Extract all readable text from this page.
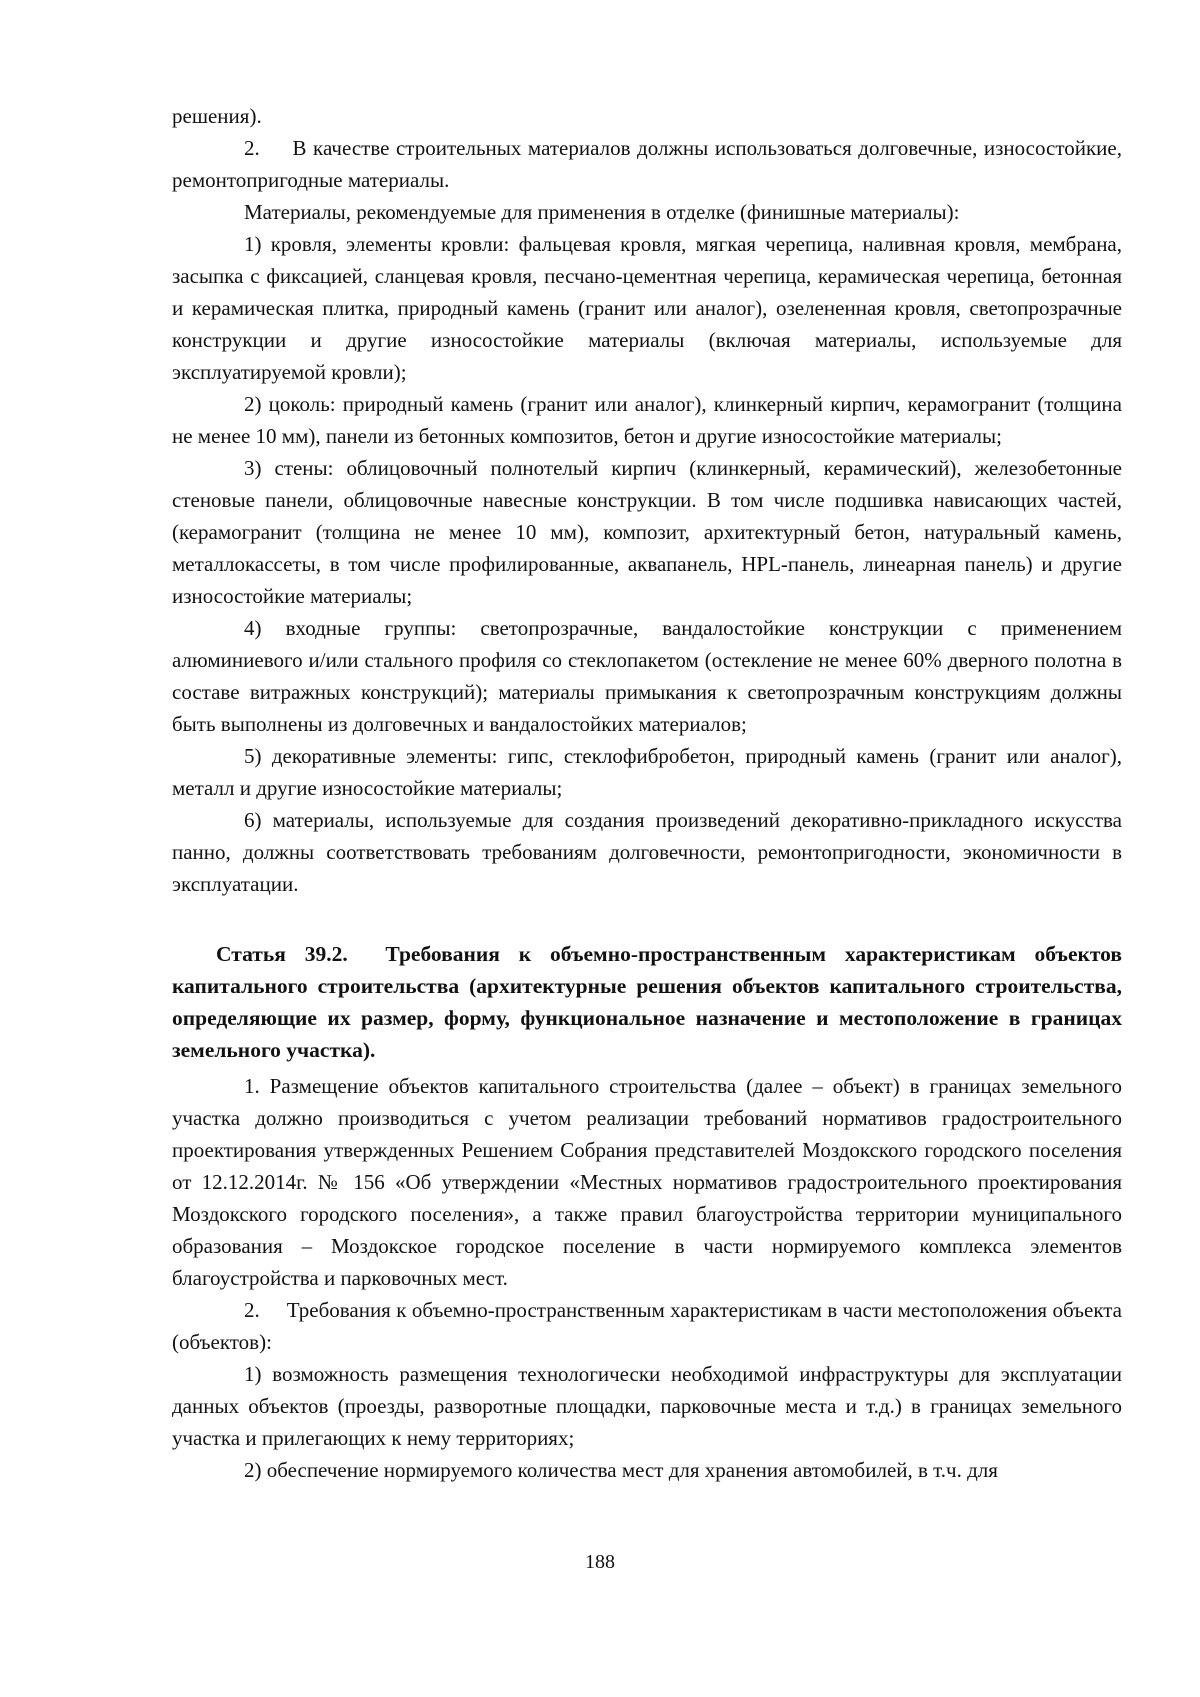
решения).

2.     В качестве строительных материалов должны использоваться долговечные, износостойкие, ремонтопригодные материалы.

Материалы, рекомендуемые для применения в отделке (финишные материалы):

1) кровля, элементы кровли: фальцевая кровля, мягкая черепица, наливная кровля, мембрана, засыпка с фиксацией, сланцевая кровля, песчано-цементная черепица, керамическая черепица, бетонная и керамическая плитка, природный камень (гранит или аналог), озелененная кровля, светопрозрачные конструкции и другие износостойкие материалы (включая материалы, используемые для эксплуатируемой кровли);

2) цоколь: природный камень (гранит или аналог), клинкерный кирпич, керамогранит (толщина не менее 10 мм), панели из бетонных композитов, бетон и другие износостойкие материалы;

3) стены: облицовочный полнотелый кирпич (клинкерный, керамический), железобетонные стеновые панели, облицовочные навесные конструкции. В том числе подшивка нависающих частей, (керамогранит (толщина не менее 10 мм), композит, архитектурный бетон, натуральный камень, металлокассеты, в том числе профилированные, аквапанель, HPL-панель, линеарная панель) и другие износостойкие материалы;

4) входные группы: светопрозрачные, вандалостойкие конструкции с применением алюминиевого и/или стального профиля со стеклопакетом (остекление не менее 60% дверного полотна в составе витражных конструкций); материалы примыкания к светопрозрачным конструкциям должны быть выполнены из долговечных и вандалостойких материалов;

5) декоративные элементы: гипс, стеклофибробетон, природный камень (гранит или аналог), металл и другие износостойкие материалы;

6) материалы, используемые для создания произведений декоративно-прикладного искусства панно, должны соответствовать требованиям долговечности, ремонтопригодности, экономичности в эксплуатации.

Статья 39.2.  Требования к объемно-пространственным характеристикам объектов капитального строительства (архитектурные решения объектов капитального строительства, определяющие их размер, форму, функциональное назначение и местоположение в границах земельного участка).

1. Размещение объектов капитального строительства (далее – объект) в границах земельного участка должно производиться с учетом реализации требований нормативов градостроительного проектирования утвержденных Решением Собрания представителей Моздокского городского поселения от 12.12.2014г. № 156 «Об утверждении «Местных нормативов градостроительного проектирования Моздокского городского поселения», а также правил благоустройства территории муниципального образования – Моздокское городское поселение в части нормируемого комплекса элементов благоустройства и парковочных мест.

2.     Требования к объемно-пространственным характеристикам в части местоположения объекта (объектов):

1) возможность размещения технологически необходимой инфраструктуры для эксплуатации данных объектов (проезды, разворотные площадки, парковочные места и т.д.) в границах земельного участка и прилегающих к нему территориях;

2) обеспечение нормируемого количества мест для хранения автомобилей, в т.ч. для

188
